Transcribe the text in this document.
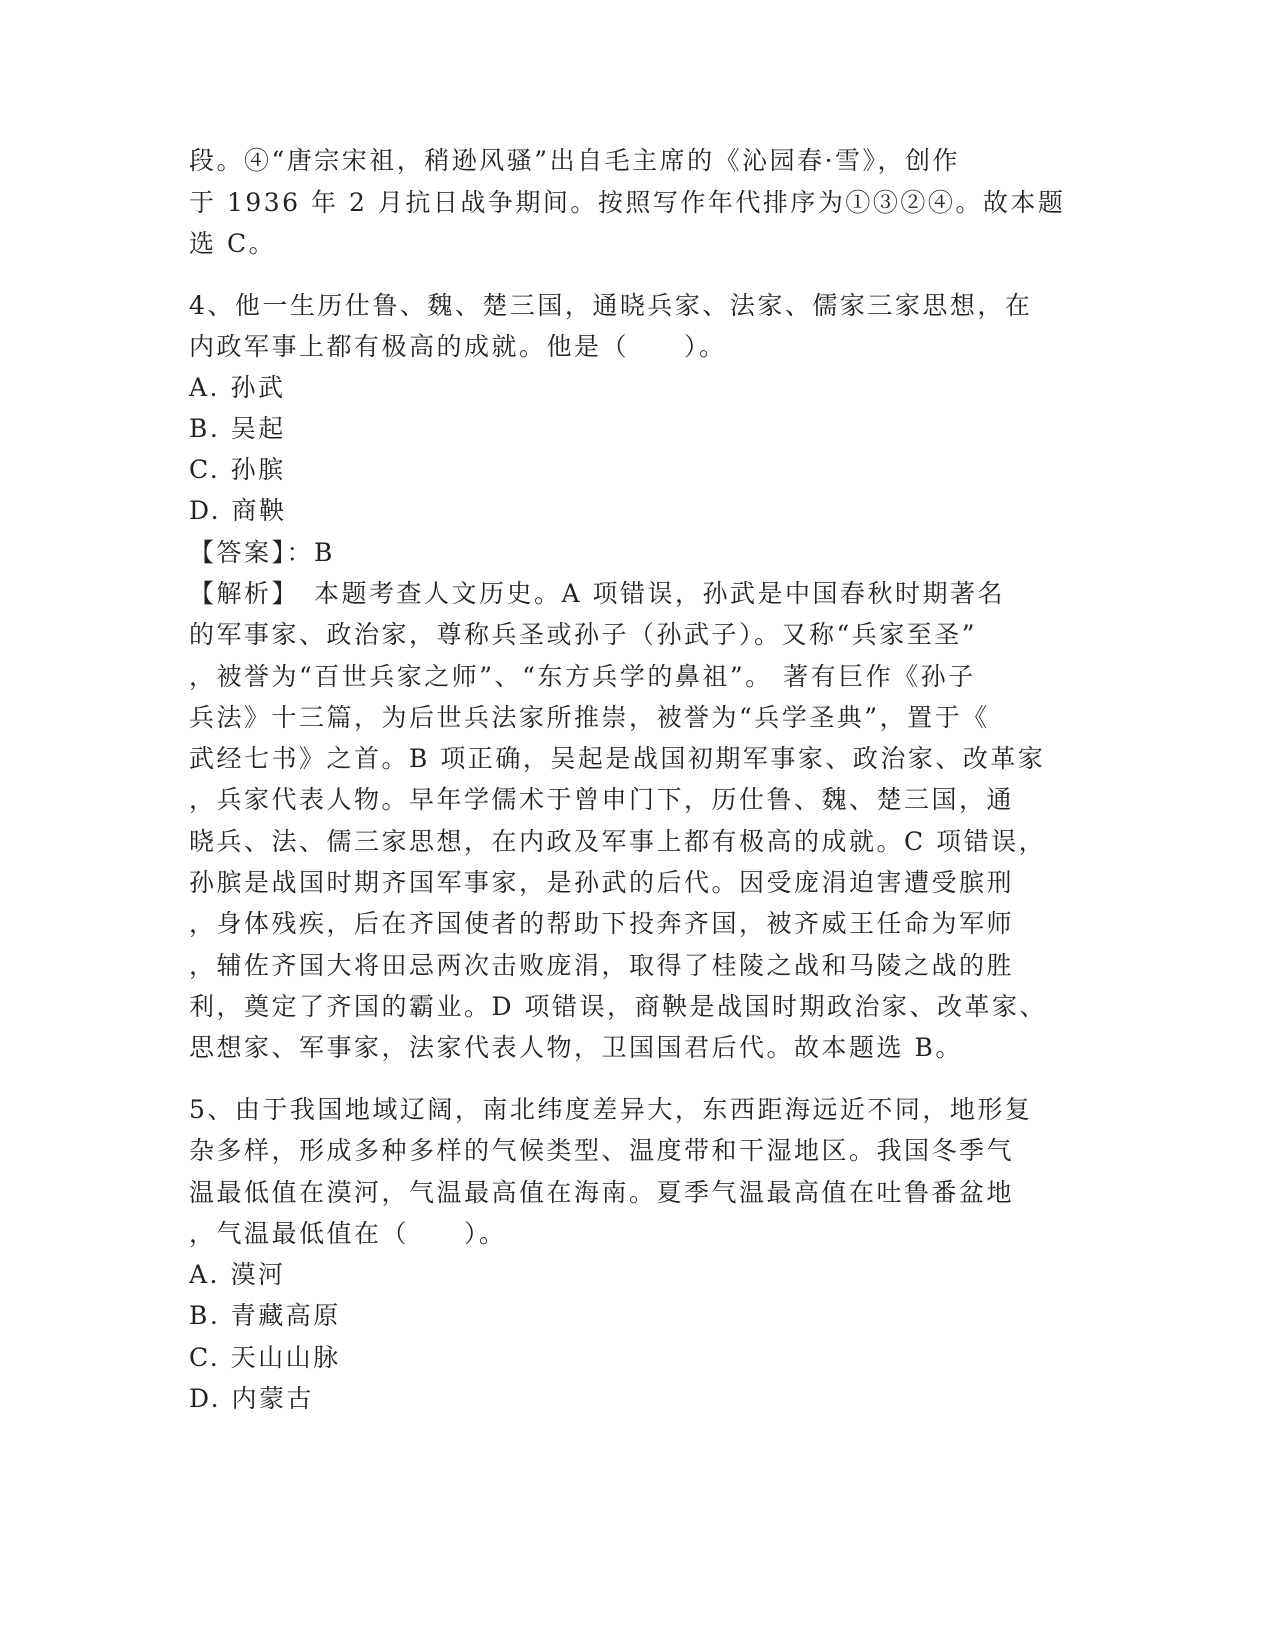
段。④“唐宗宋祖，稍逊风骚”出自毛主席的《沁园春·雪》，创作
于 1936 年 2 月抗日战争期间。按照写作年代排序为①③②④。故本题
选 C。
4、他一生历仕鲁、魏、楚三国，通晓兵家、法家、儒家三家思想，在
内政军事上都有极高的成就。他是（　　）。
A. 孙武
B. 吴起
C. 孙膑
D. 商鞅
【答案】：B
【解析】　本题考查人文历史。A 项错误，孙武是中国春秋时期著名
的军事家、政治家，尊称兵圣或孙子（孙武子）。又称“兵家至圣”
，被誉为“百世兵家之师”、“东方兵学的鼻祖”。 著有巨作《孙子
兵法》十三篇，为后世兵法家所推崇，被誉为“兵学圣典”，置于《
武经七书》之首。B 项正确，吴起是战国初期军事家、政治家、改革家
，兵家代表人物。早年学儒术于曾申门下，历仕鲁、魏、楚三国，通
晓兵、法、儒三家思想，在内政及军事上都有极高的成就。C 项错误，
孙膑是战国时期齐国军事家，是孙武的后代。因受庞涓迫害遭受膑刑
，身体残疾，后在齐国使者的帮助下投奔齐国，被齐威王任命为军师
，辅佐齐国大将田忌两次击败庞涓，取得了桂陵之战和马陵之战的胜
利，奠定了齐国的霸业。D 项错误，商鞅是战国时期政治家、改革家、
思想家、军事家，法家代表人物，卫国国君后代。故本题选 B。
5、由于我国地域辽阔，南北纬度差异大，东西距海远近不同，地形复
杂多样，形成多种多样的气候类型、温度带和干湿地区。我国冬季气
温最低值在漠河，气温最高值在海南。夏季气温最高值在吐鲁番盆地
，气温最低值在（　　）。
A. 漠河
B. 青藏高原
C. 天山山脉
D. 内蒙古
